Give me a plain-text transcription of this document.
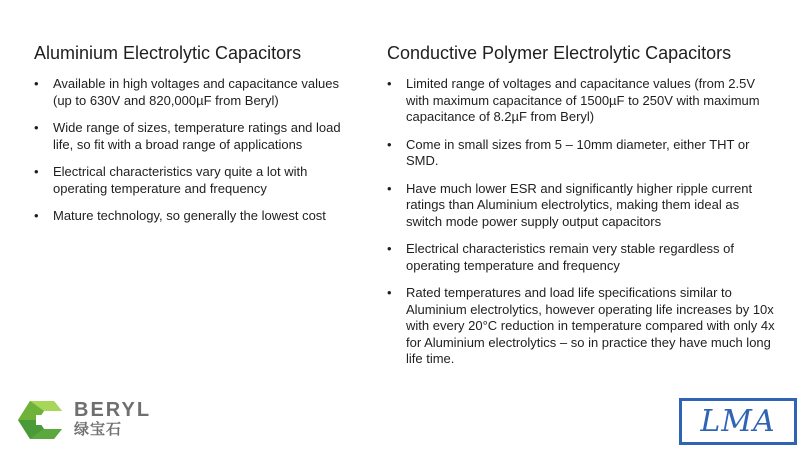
Aluminium Electrolytic Capacitors
• Available in high voltages and capacitance values (up to 630V and 820,000µF from Beryl)
• Wide range of sizes, temperature ratings and load life, so fit with a broad range of applications
• Electrical characteristics vary quite a lot with operating temperature and frequency
• Mature technology, so generally the lowest cost
Conductive Polymer Electrolytic Capacitors
• Limited range of voltages and capacitance values (from 2.5V with maximum capacitance of 1500µF to 250V with maximum capacitance of 8.2µF from Beryl)
• Come in small sizes from 5 – 10mm diameter, either THT or SMD.
• Have much lower ESR and significantly higher ripple current ratings than Aluminium electrolytics, making them ideal as switch mode power supply output capacitors
• Electrical characteristics remain very stable regardless of operating temperature and frequency
• Rated temperatures and load life specifications similar to Aluminium electrolytics, however operating life increases by 10x with every 20°C reduction in temperature compared with only 4x for Aluminium electrolytics – so in practice they have much long life time.
BERYL
绿宝石	LMA
